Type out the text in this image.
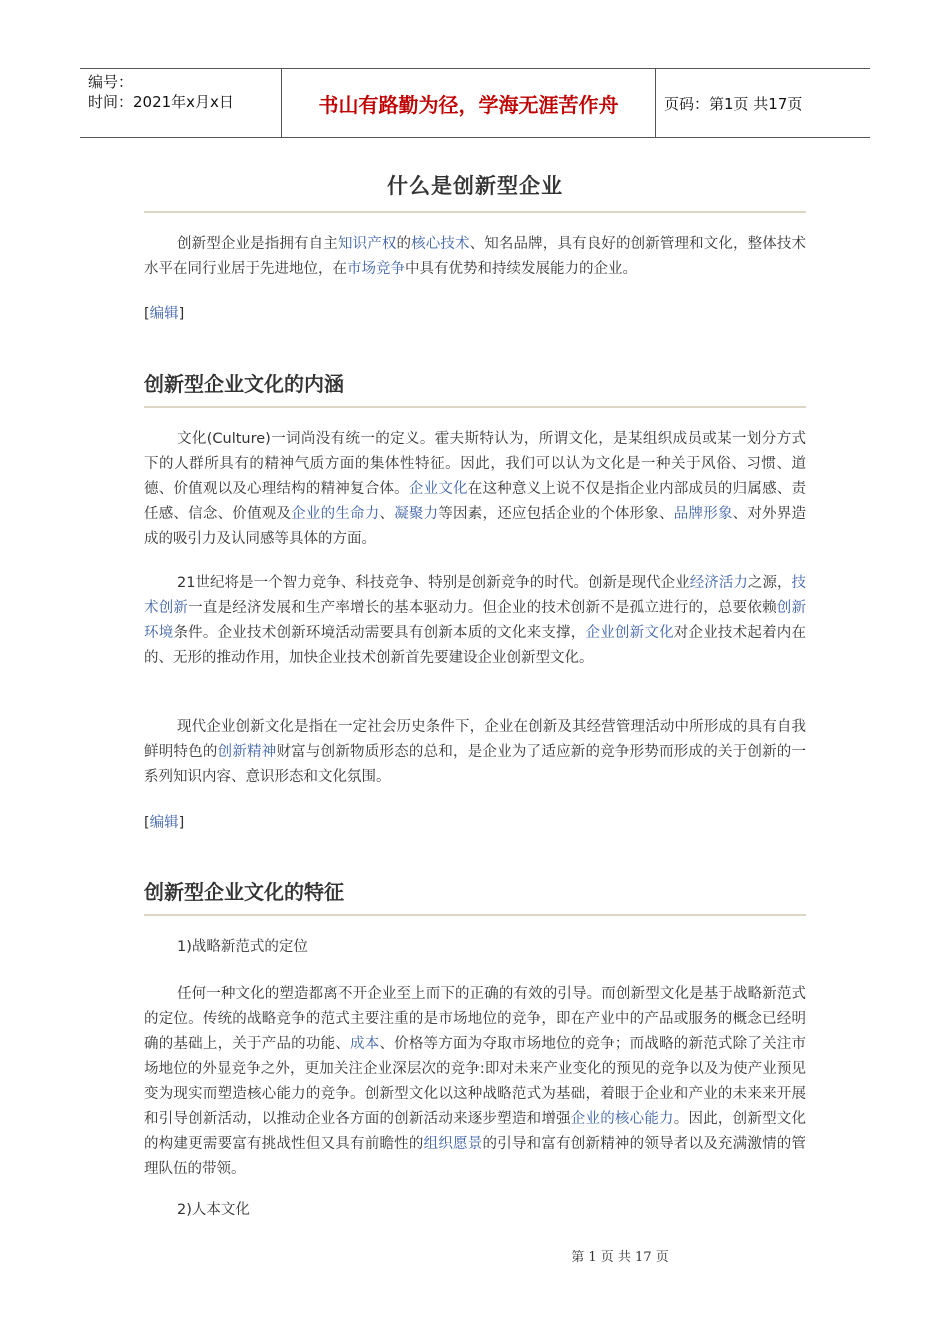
编号：
时间：2021年x月x日	书山有路勤为径，学海无涯苦作舟	页码：第1页 共17页
什么是创新型企业
创新型企业是指拥有自主知识产权的核心技术、知名品牌，具有良好的创新管理和文化，整体技术水平在同行业居于先进地位，在市场竞争中具有优势和持续发展能力的企业。
[编辑]
创新型企业文化的内涵
文化(Culture)一词尚没有统一的定义。霍夫斯特认为，所谓文化，是某组织成员或某一划分方式下的人群所具有的精神气质方面的集体性特征。因此，我们可以认为文化是一种关于风俗、习惯、道德、价值观以及心理结构的精神复合体。企业文化在这种意义上说不仅是指企业内部成员的归属感、责任感、信念、价值观及企业的生命力、凝聚力等因素，还应包括企业的个体形象、品牌形象、对外界造成的吸引力及认同感等具体的方面。
21世纪将是一个智力竞争、科技竞争、特别是创新竞争的时代。创新是现代企业经济活力之源，技术创新一直是经济发展和生产率增长的基本驱动力。但企业的技术创新不是孤立进行的，总要依赖创新环境条件。企业技术创新环境活动需要具有创新本质的文化来支撑，企业创新文化对企业技术起着内在的、无形的推动作用，加快企业技术创新首先要建设企业创新型文化。
现代企业创新文化是指在一定社会历史条件下，企业在创新及其经营管理活动中所形成的具有自我鲜明特色的创新精神财富与创新物质形态的总和，是企业为了适应新的竞争形势而形成的关于创新的一系列知识内容、意识形态和文化氛围。
[编辑]
创新型企业文化的特征
1)战略新范式的定位
任何一种文化的塑造都离不开企业至上而下的正确的有效的引导。而创新型文化是基于战略新范式的定位。传统的战略竞争的范式主要注重的是市场地位的竞争，即在产业中的产品或服务的概念已经明确的基础上，关于产品的功能、成本、价格等方面为夺取市场地位的竞争；而战略的新范式除了关注市场地位的外显竞争之外，更加关注企业深层次的竞争:即对未来产业变化的预见的竞争以及为使产业预见变为现实而塑造核心能力的竞争。创新型文化以这种战略范式为基础，着眼于企业和产业的未来来开展和引导创新活动，以推动企业各方面的创新活动来逐步塑造和增强企业的核心能力。因此，创新型文化的构建更需要富有挑战性但又具有前瞻性的组织愿景的引导和富有创新精神的领导者以及充满激情的管理队伍的带领。
2)人本文化
第 1 页 共 17 页
